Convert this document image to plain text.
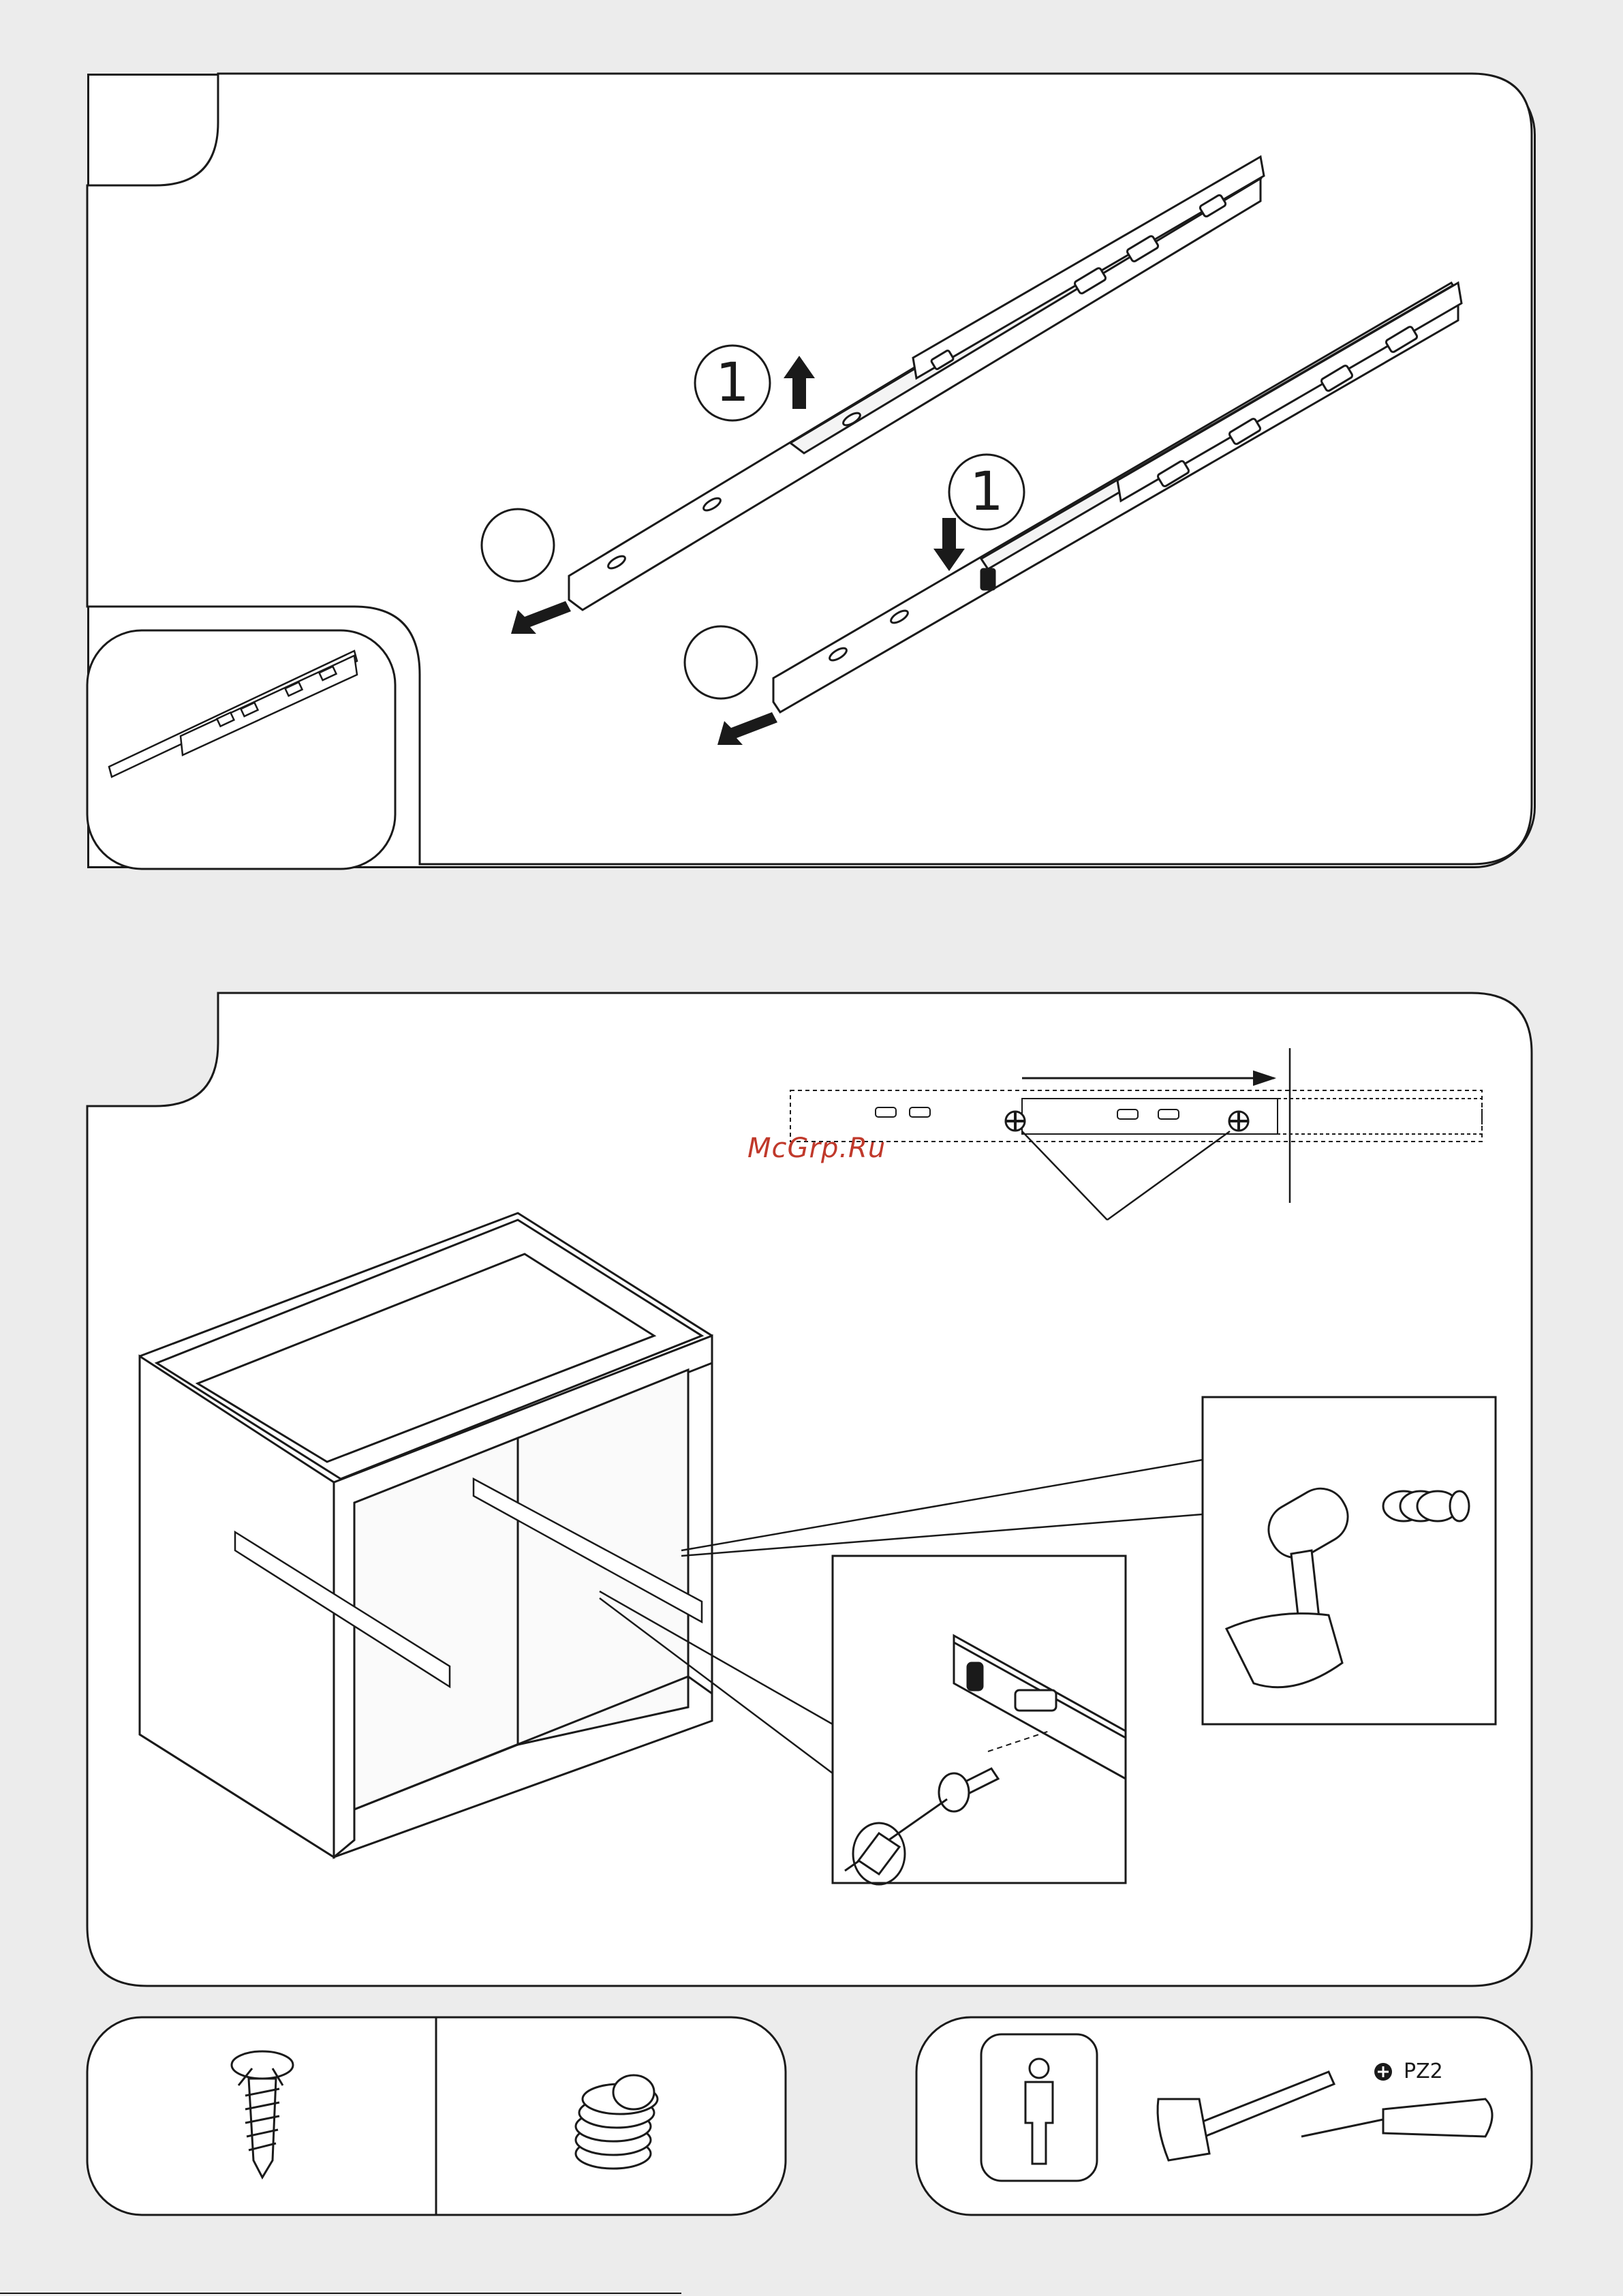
1
1
McGrp.Ru
PZ2
